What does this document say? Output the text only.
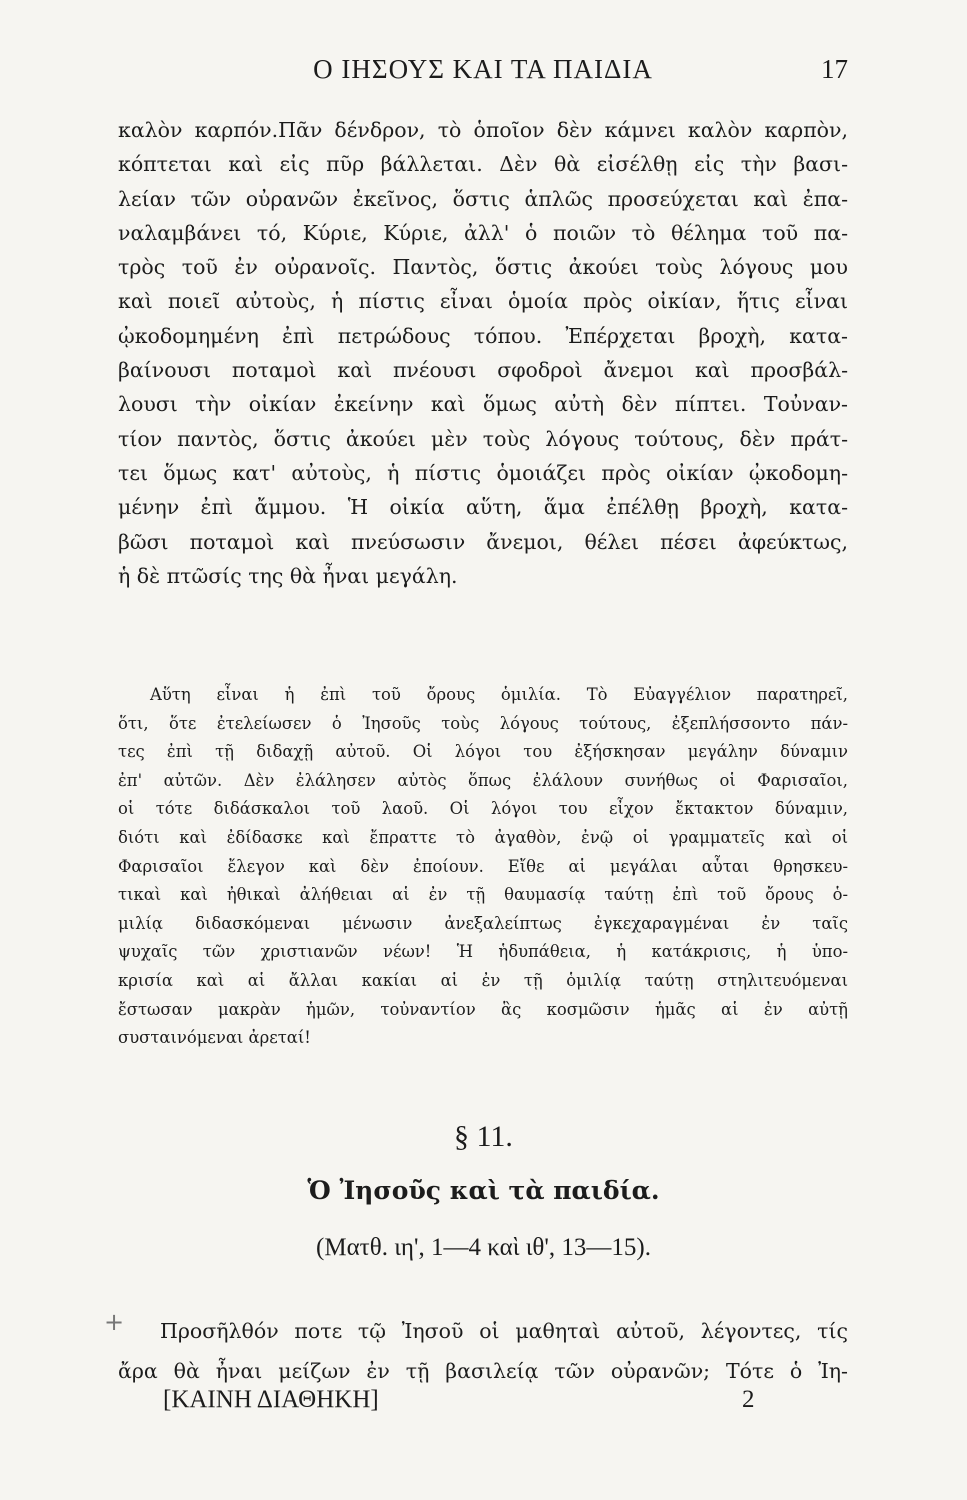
Ο ΙΗΣΟΥΣ ΚΑΙ ΤΑ ΠΑΙΔΙΑ	17
καλὸν καρπόν.Πᾶν δένδρον, τὸ ὁποῖον δὲν κάμνει καλὸν καρπὸν,
κόπτεται καὶ εἰς πῦρ βάλλεται. Δὲν θὰ εἰσέλθῃ εἰς τὴν βασι-
λείαν τῶν οὐρανῶν ἐκεῖνος, ὅστις ἁπλῶς προσεύχεται καὶ ἐπα-
ναλαμβάνει τό, Κύριε, Κύριε, ἀλλ' ὁ ποιῶν τὸ θέλημα τοῦ πα-
τρὸς τοῦ ἐν οὐρανοῖς. Παντὸς, ὅστις ἀκούει τοὺς λόγους μου
καὶ ποιεῖ αὐτοὺς, ἡ πίστις εἶναι ὁμοία πρὸς οἰκίαν, ἥτις εἶναι
ᾠκοδομημένη ἐπὶ πετρώδους τόπου. Ἐπέρχεται βροχὴ, κατα-
βαίνουσι ποταμοὶ καὶ πνέουσι σφοδροὶ ἄνεμοι καὶ προσβάλ-
λουσι τὴν οἰκίαν ἐκείνην καὶ ὅμως αὐτὴ δὲν πίπτει. Τοὐναν-
τίον παντὸς, ὅστις ἀκούει μὲν τοὺς λόγους τούτους, δὲν πράτ-
τει ὅμως κατ' αὐτοὺς, ἡ πίστις ὁμοιάζει πρὸς οἰκίαν ᾠκοδομη-
μένην ἐπὶ ἄμμου. Ἡ οἰκία αὕτη, ἅμα ἐπέλθῃ βροχὴ, κατα-
βῶσι ποταμοὶ καὶ πνεύσωσιν ἄνεμοι, θέλει πέσει ἀφεύκτως,
ἡ δὲ πτῶσίς της θὰ ἦναι μεγάλη.
Αὕτη εἶναι ἡ ἐπὶ τοῦ ὄρους ὁμιλία. Τὸ Εὐαγγέλιον παρατηρεῖ,
ὅτι, ὅτε ἐτελείωσεν ὁ Ἰησοῦς τοὺς λόγους τούτους, ἐξεπλήσσοντο πάν-
τες ἐπὶ τῇ διδαχῇ αὐτοῦ. Οἱ λόγοι του ἐξήσκησαν μεγάλην δύναμιν
ἐπ' αὐτῶν. Δὲν ἐλάλησεν αὐτὸς ὅπως ἐλάλουν συνήθως οἱ Φαρισαῖοι,
οἱ τότε διδάσκαλοι τοῦ λαοῦ. Οἱ λόγοι του εἶχον ἔκτακτον δύναμιν,
διότι καὶ ἐδίδασκε καὶ ἔπραττε τὸ ἀγαθὸν, ἐνῷ οἱ γραμματεῖς καὶ οἱ
Φαρισαῖοι ἔλεγον καὶ δὲν ἐποίουν. Εἴθε αἱ μεγάλαι αὗται θρησκευ-
τικαὶ καὶ ἠθικαὶ ἀλήθειαι αἱ ἐν τῇ θαυμασίᾳ ταύτῃ ἐπὶ τοῦ ὄρους ὁ-
μιλίᾳ διδασκόμεναι μένωσιν ἀνεξαλείπτως ἐγκεχαραγμέναι ἐν ταῖς
ψυχαῖς τῶν χριστιανῶν νέων! Ἡ ἡδυπάθεια, ἡ κατάκρισις, ἡ ὑπο-
κρισία καὶ αἱ ἄλλαι κακίαι αἱ ἐν τῇ ὁμιλίᾳ ταύτῃ στηλιτευόμεναι
ἔστωσαν μακρὰν ἡμῶν, τοὐναντίον ἃς κοσμῶσιν ἡμᾶς αἱ ἐν αὐτῇ
συσταινόμεναι ἀρεταί!
§ 11.
Ὁ Ἰησοῦς καὶ τὰ παιδία.
(Ματθ. ιη', 1—4 καὶ ιθ', 13—15).
+	Προσῆλθόν ποτε τῷ Ἰησοῦ οἱ μαθηταὶ αὐτοῦ, λέγοντες, τίς
ἄρα θὰ ἦναι μείζων ἐν τῇ βασιλείᾳ τῶν οὐρανῶν; Τότε ὁ Ἰη-
[ΚΑΙΝΗ ΔΙΑΘΗΚΗ]	2
